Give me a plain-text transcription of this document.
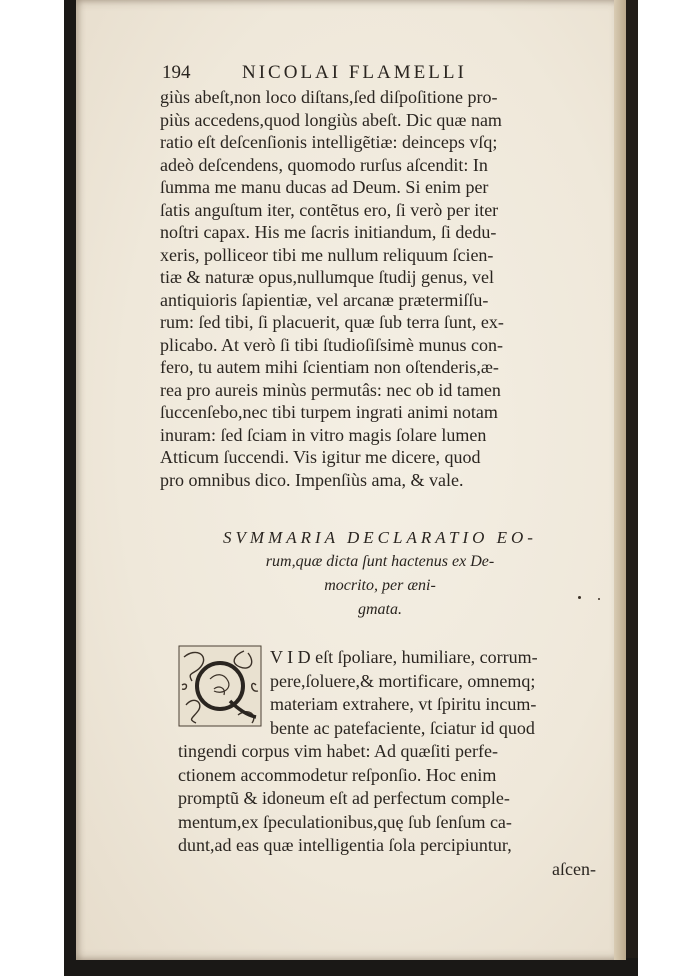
194	NICOLAI FLAMELLI
giùs abeſt,non loco diſtans,ſed diſpoſitione pro-
piùs accedens,quod longiùs abeſt. Dic quæ nam
ratio eſt deſcenſionis intelligẽtiæ: deinceps vſq;
adeò deſcendens, quomodo rurſus aſcendit: In
ſumma me manu ducas ad Deum. Si enim per
ſatis anguſtum iter, contẽtus ero, ſi verò per iter
noſtri capax. His me ſacris initiandum, ſi dedu-
xeris, polliceor tibi me nullum reliquum ſcien-
tiæ & naturæ opus,nullumque ſtudij genus, vel
antiquioris ſapientiæ, vel arcanæ prætermiſſu-
rum: ſed tibi, ſi placuerit, quæ ſub terra ſunt, ex-
plicabo. At verò ſi tibi ſtudioſiſsimè munus con-
fero, tu autem mihi ſcientiam non oſtenderis,æ-
rea pro aureis minùs permutâs: nec ob id tamen
ſuccenſebo,nec tibi turpem ingrati animi notam
inuram: ſed ſciam in vitro magis ſolare lumen
Atticum ſuccendi. Vis igitur me dicere, quod
pro omnibus dico. Impenſiùs ama, & vale.
SVMMARIA DECLARATIO EO-
rum,quæ dicta ſunt hactenus ex De-
mocrito, per æni-
gmata.
V I D eſt ſpoliare, humiliare, corrum-
pere,ſoluere,& mortificare, omnemq;
materiam extrahere, vt ſpiritu incum-
bente ac patefaciente, ſciatur id quod
tingendi corpus vim habet: Ad quæſiti perfe-
ctionem accommodetur reſponſio. Hoc enim
promptũ & idoneum eſt ad perfectum comple-
mentum,ex ſpeculationibus,quę ſub ſenſum ca-
dunt,ad eas quæ intelligentia ſola percipiuntur,
aſcen-
